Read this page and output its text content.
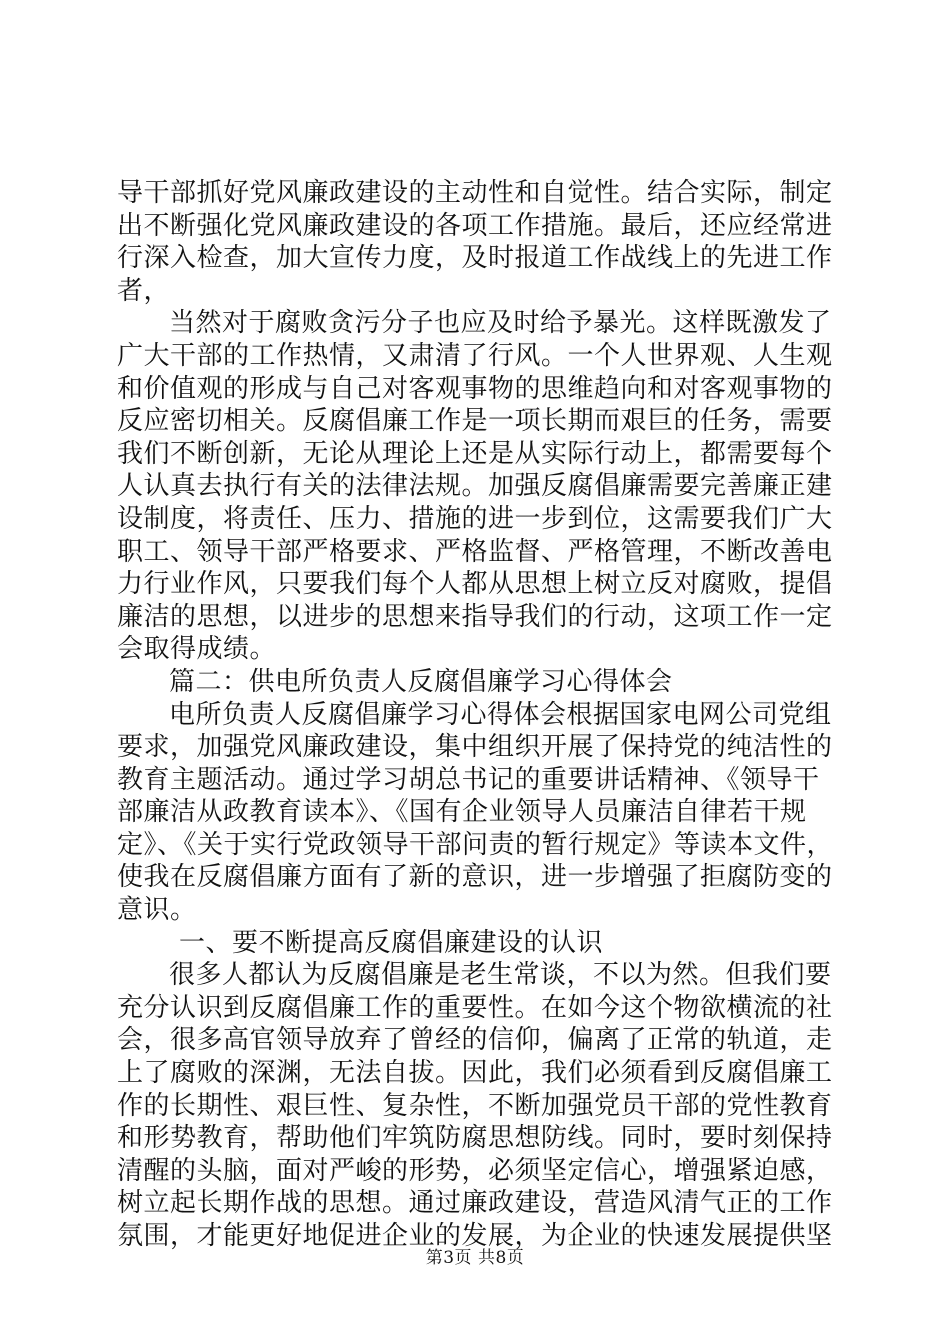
导干部抓好党风廉政建设的主动性和自觉性。结合实际，制定
出不断强化党风廉政建设的各项工作措施。最后，还应经常进
行深入检查，加大宣传力度，及时报道工作战线上的先进工作
者，
当然对于腐败贪污分子也应及时给予暴光。这样既激发了
广大干部的工作热情，又肃清了行风。一个人世界观、人生观
和价值观的形成与自己对客观事物的思维趋向和对客观事物的
反应密切相关。反腐倡廉工作是一项长期而艰巨的任务，需要
我们不断创新，无论从理论上还是从实际行动上，都需要每个
人认真去执行有关的法律法规。加强反腐倡廉需要完善廉正建
设制度，将责任、压力、措施的进一步到位，这需要我们广大
职工、领导干部严格要求、严格监督、严格管理，不断改善电
力行业作风，只要我们每个人都从思想上树立反对腐败，提倡
廉洁的思想，以进步的思想来指导我们的行动，这项工作一定
会取得成绩。
篇二：供电所负责人反腐倡廉学习心得体会
电所负责人反腐倡廉学习心得体会根据国家电网公司党组
要求，加强党风廉政建设，集中组织开展了保持党的纯洁性的
教育主题活动。通过学习胡总书记的重要讲话精神、《领导干
部廉洁从政教育读本》、《国有企业领导人员廉洁自律若干规
定》、《关于实行党政领导干部问责的暂行规定》等读本文件，
使我在反腐倡廉方面有了新的意识，进一步增强了拒腐防变的
意识。
一、要不断提高反腐倡廉建设的认识
很多人都认为反腐倡廉是老生常谈，不以为然。但我们要
充分认识到反腐倡廉工作的重要性。在如今这个物欲横流的社
会，很多高官领导放弃了曾经的信仰，偏离了正常的轨道，走
上了腐败的深渊，无法自拔。因此，我们必须看到反腐倡廉工
作的长期性、艰巨性、复杂性，不断加强党员干部的党性教育
和形势教育，帮助他们牢筑防腐思想防线。同时，要时刻保持
清醒的头脑，面对严峻的形势，必须坚定信心，增强紧迫感，
树立起长期作战的思想。通过廉政建设，营造风清气正的工作
氛围，才能更好地促进企业的发展，为企业的快速发展提供坚
第3页 共8页
